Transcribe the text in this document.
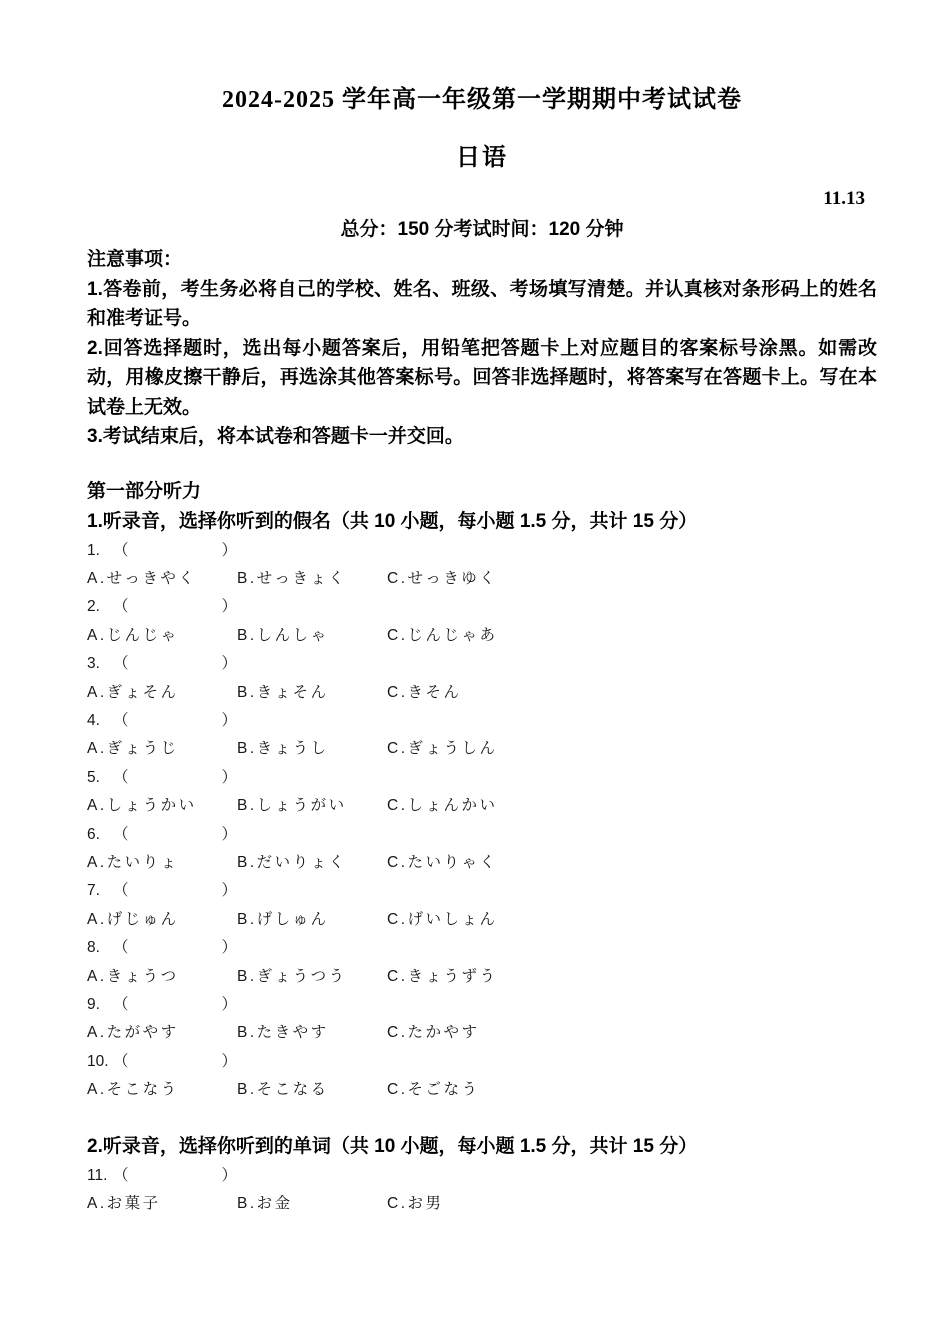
2024-2025 学年高一年级第一学期期中考试试卷
日语
11.13
总分：150 分考试时间：120 分钟
注意事项：
1.答卷前，考生务必将自己的学校、姓名、班级、考场填写清楚。并认真核对条形码上的姓名和准考证号。
2.回答选择题时，选出每小题答案后，用铅笔把答题卡上对应题目的客案标号涂黑。如需改动，用橡皮擦干静后，再选涂其他答案标号。回答非选择题时，将答案写在答题卡上。写在本试卷上无效。
3.考试结束后，将本试卷和答题卡一并交回。
第一部分听力
1.听录音，选择你听到的假名（共 10 小题，每小题 1.5 分，共计 15 分）
1. （　　　　　　）
A.せっきやく	B.せっきょく	C.せっきゆく
2. （　　　　　　）
A.じんじゃ	B.しんしゃ	C.じんじゃあ
3. （　　　　　　）
A.ぎょそん	B.きょそん	C.きそん
4. （　　　　　　）
A.ぎょうじ	B.きょうし	C.ぎょうしん
5. （　　　　　　）
A.しょうかい	B.しょうがい	C.しょんかい
6. （　　　　　　）
A.たいりょ	B.だいりょく	C.たいりゃく
7. （　　　　　　）
A.げじゅん	B.げしゅん	C.げいしょん
8. （　　　　　　）
A.きょうつ	B.ぎょうつう	C.きょうずう
9. （　　　　　　）
A.たがやす	B.たきやす	C.たかやす
10. （　　　　　　）
A.そこなう	B.そこなる	C.そごなう
2.听录音，选择你听到的单词（共 10 小题，每小题 1.5 分，共计 15 分）
11. （　　　　　　）
A.お菓子	B.お金	C.お男
